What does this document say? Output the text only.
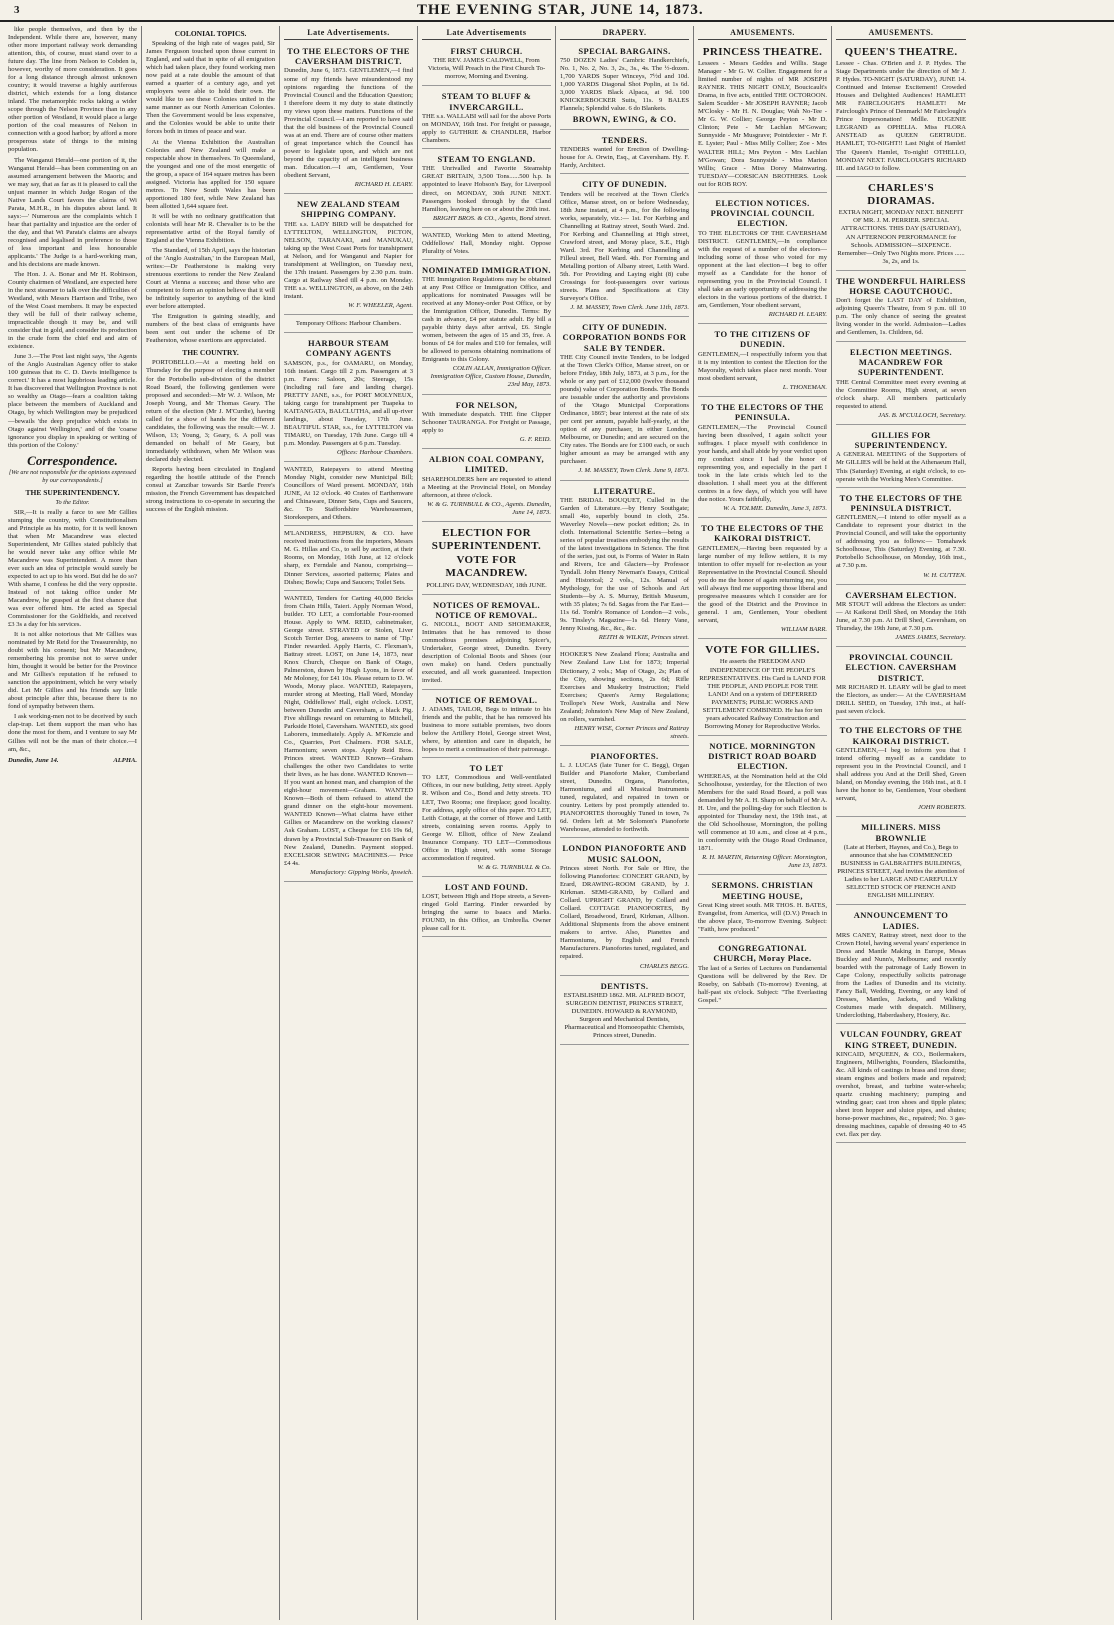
3	THE EVENING STAR, JUNE 14, 1873.

like people themselves, and then by the Independent. While there are, however, many other more important railway work demanding attention, this, of course, must stand over to a future day. The line from Nelson to Cobden is, however, worthy of more consideration. It goes for a long distance through almost unknown country; it would traverse a highly auriferous district, which extends for a long distance inland. The metamorphic rocks taking a wider scope through the Nelson Province than in any other portion of Westland, it would place a large portion of the coal measures of Nelson in connection with a good harbor; by afford a more prosperous state of things to the mining population.

The Wanganui Herald—one portion of it, the Wanganui Herald—has been commenting on an assumed arrangement between the Maoris; and we may say, that as far as it is pleased to call the unjust manner in which Judge Rogan of the Native Lands Court favors the claims of Wi Parata, M.H.R., in his disputes about land. It says:—' Numerous are the complaints which I hear that partiality and injustice are the order of the day, and that Wi Parata's claims are always recognised and legalised in preference to those of less important and less honourable applicants.' The Judge is a hard-working man, and his decisions are made known.

The Hon. J. A. Bonar and Mr H. Robinson, County chairmen of Westland, are expected here in the next steamer to talk over the difficulties of Westland, with Messrs Harrison and Tribe, two of the West Coast members. It may be expected they will be full of their railway scheme, impracticable though it may be, and will consider that in gold, and consider its production in the crude form the chief end and aim of existence.

June 3.—The Post last night says, 'the Agents of the Anglo Australian Agency offer to stake 100 guineas that its C. D. Davis intelligence is correct.' It has a most lugubrious leading article. It has discovered that Wellington Province is not so wealthy as Otago—fears a coalition taking place between the members of Auckland and Otago, by which Wellington may be prejudiced—bewails 'the deep prejudice which exists in Otago against Wellington,' and of the 'coarse ignorance you display in speaking or writing of this portion of the Colony.'

Correspondence.
[We are not responsible for the opinions expressed by our correspondents.]
THE SUPERINTENDENCY.
To the Editor.

SIR,—It is really a farce to see Mr Gillies stumping the country, with Constitutionalism and Principle as his motto, for it is well known that when Mr Macandrew was elected Superintendent, Mr Gillies stated publicly that he would never take any office while Mr Macandrew was Superintendent. A more than ever such an idea of principle would surely be expected to act up to his word. But did he do so? With shame, I confess he did the very opposite. Instead of not taking office under Mr Macandrew, he grasped at the first chance that was ever offered him. He acted as Special Commissioner for the Goldfields, and received £3 3s a day for his services.

It is not alike notorious that Mr Gillies was nominated by Mr Reid for the Treasurership, no doubt with his consent; but Mr Macandrew, remembering his promise not to serve under him, thought it would be better for the Province and Mr Gillies's reputation if he refused to sanction the appointment, which he very wisely did. Let Mr Gillies and his friends say little about principle after this, because there is no fond of sympathy between them.

I ask working-men not to be deceived by such clap-trap. Let them support the man who has done the most for them, and I venture to say Mr Gillies will not be the man of their choice.—I am, &c.,

Dunedin, June 14.	ALPHA.
COLONIAL TOPICS.

Speaking of the high rate of wages paid, Sir James Ferguson touched upon those current in England, and said that in spite of all emigration which had taken place, they found working men now paid at a rate double the amount of that earned a quarter of a century ago, and yet employers were able to hold their own. He would like to see these Colonies united in the same manner as our North American Colonies. Then the Government would be less expensive, and the Colonies would be able to unite their forces both in times of peace and war.

At the Vienna Exhibition the Australian Colonies and New Zealand will make a respectable show in themselves. To Queensland, the youngest and one of the most energetic of the group, a space of 164 square metres has been assigned. Victoria has applied for 150 square metres. To New South Wales has been apportioned 180 feet, while New Zealand has been allotted 1,644 square feet.

It will be with no ordinary gratification that colonists will hear Mr R. Chevalier is to be the representative artist of the Royal family of England at the Vienna Exhibition.

The Standard, of 15th April, says the historian of the 'Anglo Australian,' in the European Mail, writes:—Dr Featherstone is making very strenuous exertions to render the New Zealand Court at Vienna a success; and those who are competent to form an opinion believe that it will be infinitely superior to anything of the kind ever before attempted.

The Emigration is gaining steadily, and numbers of the best class of emigrants have been sent out under the scheme of Dr Featherston, whose exertions are appreciated.

THE COUNTRY.

PORTOBELLO.—At a meeting held on Thursday for the purpose of electing a member for the Portobello sub-division of the district Road Board, the following gentlemen were proposed and seconded:—Mr W. J. Wilson, Mr Joseph Young, and Mr Thomas Geary. The return of the election (Mr J. M'Curdie), having called for a show of hands for the different candidates, the following was the result:—W. J. Wilson, 13; Young, 3; Geary, 6. A poll was demanded on behalf of Mr Geary, but immediately withdrawn, when Mr Wilson was declared duly elected.

Reports having been circulated in England regarding the hostile attitude of the French consul at Zanzibar towards Sir Bartle Frere's mission, the French Government has despatched strong instructions to co-operate in securing the success of the English mission.

Late Advertisements.
TO THE ELECTORS OF THE CAVERSHAM DISTRICT.

Dunedin, June 6, 1873. GENTLEMEN,—I find some of my friends have misunderstood my opinions regarding the functions of the Provincial Council and the Education Question; I therefore deem it my duty to state distinctly my views upon these matters. Functions of the Provincial Council.—I am reported to have said that the old business of the Provincial Council was at an end. There are of course other matters of great importance which the Council has power to legislate upon, and which are not beyond the capacity of an intelligent business man. Education.—I am, Gentlemen, Your obedient Servant,

RICHARD H. LEARY.
NEW ZEALAND STEAM SHIPPING COMPANY.

THE s.s. LADY BIRD will be despatched for LYTTELTON, WELLINGTON, PICTON, NELSON, TARANAKI, and MANUKAU, taking up the West Coast Ports for transhipment at Nelson, and for Wanganui and Napier for transhipment at Wellington, on Tuesday next, the 17th instant. Passengers by 2.30 p.m. train. Cargo at Railway Shed till 4 p.m. on Monday. THE s.s. WELLINGTON, as above, on the 24th instant.

W. F. WHEELER, Agent.

Temporary Offices: Harbour Chambers.

HARBOUR STEAM COMPANY AGENTS

SAMSON, p.s., for OAMARU, on Monday, 16th instant. Cargo till 2 p.m. Passengers at 3 p.m. Fares: Saloon, 20s; Steerage, 15s (including rail fare and landing charge). PRETTY JANE, s.s., for PORT MOLYNEUX, taking cargo for transhipment per Tuapeka to KAITANGATA, BALCLUTHA, and all up-river landings, about Tuesday, 17th June. BEAUTIFUL STAR, s.s., for LYTTELTON via TIMARU, on Tuesday, 17th June. Cargo till 4 p.m. Monday. Passengers at 6 p.m. Tuesday.

Offices: Harbour Chambers.

WANTED, Ratepayers to attend Meeting Monday Night, consider new Municipal Bill; Councillors of Ward present. MONDAY, 16th JUNE, At 12 o'clock. 40 Crates of Earthenware and Chinaware, Dinner Sets, Cups and Saucers, &c. To Staffordshire Warehousemen, Storekeepers, and Others.

M'LANDRESS, HEPBURN, & CO. have received instructions from the importers, Messrs M. G. Hillas and Co., to sell by auction, at their Rooms, on Monday, 16th June, at 12 o'clock sharp, ex Ferndale and Nanou, comprising— Dinner Services, assorted patterns; Plates and Dishes; Bowls; Cups and Saucers; Toilet Sets.

WANTED, Tenders for Carting 40,000 Bricks from Chain Hills, Taieri. Apply Norman Wood, builder. TO LET, a comfortable Four-roomed House. Apply to WM. REID, cabinetmaker, George street. STRAYED or Stolen, Liver Scotch Terrier Dog, answers to name of 'Tip.' Finder rewarded. Apply Harris, C. Flexman's, Battray street. LOST, on June 14, 1873, near Knox Church, Cheque on Bank of Otago, Palmerston, drawn by Hugh Lyons, in favor of Mr Moloney, for £41 10s. Please return to D. W. Woods, Moray place. WANTED, Ratepayers, murder strong at Meeting, Hall Ward, Monday Night, Oddfellows' Hall, eight o'clock. LOST, between Dunedin and Caversham, a black Pig. Five shillings reward on returning to Mitchell, Parkside Hotel, Caversham. WANTED, six good Laborers, immediately. Apply A. M'Kenzie and Co., Quarries, Port Chalmers. FOR SALE, Harmonium; seven stops. Apply Reid Bros. Princes street. WANTED Known—Graham challenges the other two Candidates to write their lives, as he has done. WANTED Known—If you want an honest man, and champion of the eight-hour movement—Graham. WANTED Known—Both of them refused to attend the grand dinner on the eight-hour movement. WANTED Known—What claims have either Gillies or Macandrew on the working classes? Ask Graham. LOST, a Cheque for £16 19s 6d, drawn by a Provincial Sub-Treasurer on Bank of New Zealand, Dunedin. Payment stopped. EXCELSIOR SEWING MACHINES.— Price £4 4s.

Manufactory: Gipping Works, Ipswich.
Late Advertisements
FIRST CHURCH.

THE REV. JAMES CALDWELL, From Victoria, Will Preach in the First Church To-morrow, Morning and Evening.

STEAM TO BLUFF & INVERCARGILL.

THE s.s. WALLABI will sail for the above Ports on MONDAY, 16th Inst. For freight or passage, apply to GUTHRIE & CHANDLER, Harbor Chambers.

STEAM TO ENGLAND.

THE Unrivalled and Favorite Steamship GREAT BRITAIN, 3,500 Tons......500 h.p. Is appointed to leave Hobson's Bay, for Liverpool direct, on MONDAY, 30th JUNE NEXT. Passengers booked through by the Cland Hamilton, leaving here on or about the 20th inst.

BRIGHT BROS. & CO., Agents, Bond street.

WANTED, Working Men to attend Meeting, Oddfellows' Hall, Monday night. Oppose Plurality of Votes.

NOMINATED IMMIGRATION.

THE Immigration Regulations may be obtained at any Post Office or Immigration Office, and applications for nominated Passages will be received at any Money-order Post Office, or by the Immigration Officer, Dunedin. Terms: By cash in advance, £4 per statute adult. By bill a payable thirty days after arrival, £6. Single women, between the ages of 15 and 35, free. A bonus of £4 for males and £10 for females, will be allowed to persons obtaining nominations of Emigrants to this Colony.

COLIN ALLAN, Immigration Officer. Immigration Office, Custom House, Dunedin, 23rd May, 1873.
FOR NELSON,

With immediate despatch. THE fine Clipper Schooner TAURANGA. For Freight or Passage, apply to

G. F. REID.
ALBION COAL COMPANY, LIMITED.

SHAREHOLDERS here are requested to attend a Meeting at the Provincial Hotel, on Monday afternoon, at three o'clock.

W. & G. TURNBULL & CO., Agents. Dunedin, June 14, 1873.
ELECTION FOR SUPERINTENDENT. VOTE FOR MACANDREW.

POLLING DAY, WEDNESDAY, 18th JUNE.

NOTICES OF REMOVAL. NOTICE OF REMOVAL.

G. NICOLL, BOOT AND SHOEMAKER, Intimates that he has removed to those commodious premises adjoining Spicer's, Undertaker, George street, Dunedin. Every description of Colonial Boots and Shoes (our own make) on hand. Orders punctually executed, and all work guaranteed. Inspection invited.

NOTICE OF REMOVAL.

J. ADAMS, TAILOR, Begs to intimate to his friends and the public, that he has removed his business to more suitable premises, two doors below the Artillery Hotel, George street West, where, by attention and care in dispatch, he hopes to merit a continuation of their patronage.

TO LET

TO LET, Commodious and Well-ventilated Offices, in our new building, Jetty street. Apply R. Wilson and Co., Bond and Jetty streets. TO LET, Two Rooms; one fireplace; good locality. For address, apply office of this paper. TO LET, Leith Cottage, at the corner of Howe and Leith streets, containing seven rooms. Apply to George W. Elliott, office of New Zealand Insurance Company. TO LET—Commodious Office in High street, with some Storage accommodation if required.

W. & G. TURNBULL & Co.
LOST AND FOUND.

LOST, between High and Hope streets, a Seven-ringed Gold Earring. Finder rewarded by bringing the same to Isaacs and Marks. FOUND, in this Office, an Umbrella. Owner please call for it.

DRAPERY.
SPECIAL BARGAINS.

750 DOZEN Ladies' Cambric Handkerchiefs, No. 1, No. 2, No. 3, 2s., 3s., 4s. The ½-dozen. 1,700 YARDS Super Winceys, 7½d and 10d. 1,000 YARDS Diagonal Shot Poplin, at 1s 6d. 3,000 YARDS Black Alpaca, at 9d. 100 KNICKERBOCKER Suits, 11s. 9 BALES Flannels; Splendid value. 6 do Blankets.

BROWN, EWING, & CO.
TENDERS.

TENDERS wanted for Erection of Dwelling-house for A. Orwin, Esq., at Caversham. Hy. F. Hardy, Architect.

CITY OF DUNEDIN.

Tenders will be received at the Town Clerk's Office, Manse street, on or before Wednesday, 18th June instant, at 4 p.m., for the following works, separately, viz.:— 1st. For Kerbing and Channelling at Rattray street, South Ward. 2nd. For Kerbing and Channelling at High street, Crawford street, and Moray place, S.E., High Ward. 3rd. For Kerbing and Channelling at Filleul street, Bell Ward. 4th. For Forming and Metalling portion of Albany street, Leith Ward. 5th. For Providing and Laying eight (8) cube Crossings for foot-passengers over various streets. Plans and Specifications at City Surveyor's Office.

J. M. MASSEY, Town Clerk. June 11th, 1873.
CITY OF DUNEDIN. CORPORATION BONDS FOR SALE BY TENDER.

THE City Council invite Tenders, to be lodged at the Town Clerk's Office, Manse street, on or before Friday, 18th July, 1873, at 3 p.m., for the whole or any part of £12,000 (twelve thousand pounds) value of Corporation Bonds. The Bonds are issuable under the authority and provisions of the 'Otago Municipal Corporations Ordinance, 1865'; bear interest at the rate of six per cent per annum, payable half-yearly, at the option of any purchaser, in either London, Melbourne, or Dunedin; and are secured on the City rates. The Bonds are for £100 each, or such higher amount as may be arranged with any purchaser.

J. M. MASSEY, Town Clerk. June 9, 1873.
LITERATURE.

THE BRIDAL BOUQUET, Culled in the Garden of Literature.—by Henry Southgate; small 4to, superbly bound in cloth, 25s. Waverley Novels—new pocket edition; 2s. in cloth. International Scientific Series—being a series of popular treatises embodying the results of the latest investigations in Science. The first of the series, just out, is Forms of Water in Rain and Rivers, Ice and Glaciers—by Professor Tyndall. John Henry Newman's Essays, Critical and Historical; 2 vols., 12s. Manual of Mythology, for the use of Schools and Art Students—by A. S. Murray, British Museum, with 35 plates; 7s 6d. Sagas from the Far East—11s 6d. Tomb's Romance of London—2 vols., 9s. Tinsley's Magazine—1s 6d. Henry Vane, Jenny Kissing, &c., &c., &c.

REITH & WILKIE, Princes street.

HOOKER'S New Zealand Flora; Australia and New Zealand Law List for 1873; Imperial Dictionary, 2 vols.; Map of Otago, 2s; Plan of the City, showing sections, 2s 6d; Rifle Exercises and Musketry Instruction; Field Exercises; Queen's Army Regulations; Trollope's New Work, Australia and New Zealand; Johnston's New Map of New Zealand, on rollers, varnished.

HENRY WISE, Corner Princes and Rattray streets.
PIANOFORTES.

L. J. LUCAS (late Tuner for C. Begg), Organ Builder and Pianoforte Maker, Cumberland street, Dunedin. Organs, Pianofortes, Harmoniums, and all Musical Instruments tuned, regulated, and repaired in town or country. Letters by post promptly attended to. PIANOFORTES thoroughly Tuned in town, 7s 6d. Orders left at Mr Solomon's Pianoforte Warehouse, attended to forthwith.

LONDON PIANOFORTE AND MUSIC SALOON,

Princes street North. For Sale or Hire, the following Pianofortes: CONCERT GRAND, by Erard, DRAWING-ROOM GRAND, by J. Kirkman. SEMI-GRAND, by Collard and Collard. UPRIGHT GRAND, by Collard and Collard. COTTAGE PIANOFORTES, By Collard, Broadwood, Erard, Kirkman, Allison. Additional Shipments from the above eminent makers to arrive. Also, Pianettes and Harmoniums, by English and French Manufacturers. Pianofortes tuned, regulated, and repaired.

CHARLES BEGG.
DENTISTS.

ESTABLISHED 1862. MR. ALFRED BOOT, SURGEON DENTIST, PRINCES STREET, DUNEDIN. HOWARD & RAYMOND, Surgeon and Mechanical Dentists, Pharmaceutical and Homoeopathic Chemists, Princes street, Dunedin.

AMUSEMENTS.
PRINCESS THEATRE.

Lessees - Messrs Geddes and Willis. Stage Manager - Mr G. W. Collier. Engagement for a limited number of nights of MR JOSEPH RAYNER. THIS NIGHT ONLY, Boucicault's Drama, in five acts, entitled THE OCTOROON. Salem Scudder - Mr JOSEPH RAYNER; Jacob M'Closky - Mr H. N. Douglas; Wah No-Tee - Mr G. W. Collier; George Peyton - Mr D. Clinton; Pete - Mr Lachlan M'Gowan; Sunnyside - Mr Musgrave; Pointdexter - Mr F. E. Lyster; Paul - Miss Milly Collier; Zoe - Mrs WALTER HILL; Mrs Peyton - Mrs Lachlan M'Gowan; Dora Sunnyside - Miss Marion Willis; Grace - Miss Dorey Mainwaring. TUESDAY—CORSICAN BROTHERS. Look out for ROB ROY.

ELECTION NOTICES. PROVINCIAL COUNCIL ELECTION.

TO THE ELECTORS OF THE CAVERSHAM DISTRICT. GENTLEMEN,—In compliance with the request of a number of the electors—including some of those who voted for my opponent at the last election—I beg to offer myself as a Candidate for the honor of representing you in the Provincial Council. I shall take an early opportunity of addressing the electors in the various portions of the district. I am, Gentlemen, Your obedient servant,

RICHARD H. LEARY.
TO THE CITIZENS OF DUNEDIN.

GENTLEMEN,—I respectfully inform you that it is my intention to contest the Election for the Mayoralty, which takes place next month. Your most obedient servant,

L. THONEMAN.
TO THE ELECTORS OF THE PENINSULA.

GENTLEMEN,—The Provincial Council having been dissolved, I again solicit your suffrages. I place myself with confidence in your hands, and shall abide by your verdict upon my conduct since I had the honor of representing you, and especially in the part I took in the late crisis which led to the dissolution. I shall meet you at the different centres in a few days, of which you will have due notice. Yours faithfully,

W. A. TOLMIE. Dunedin, June 3, 1873.
TO THE ELECTORS OF THE KAIKORAI DISTRICT.

GENTLEMEN,—Having been requested by a large number of my fellow settlers, it is my intention to offer myself for re-election as your Representative in the Provincial Council. Should you do me the honor of again returning me, you will always find me supporting those liberal and progressive measures which I consider are for the good of the District and the Province in general. I am, Gentlemen, Your obedient servant,

WILLIAM BARR.
VOTE FOR GILLIES.

He asserts the FREEDOM AND INDEPENDENCE OF THE PEOPLE'S REPRESENTATIVES. His Card is LAND FOR THE PEOPLE, AND PEOPLE FOR THE LAND! And on a system of DEFERRED PAYMENTS; PUBLIC WORKS AND SETTLEMENT COMBINED. He has for ten years advocated Railway Construction and Borrowing Money for Reproductive Works.

NOTICE. MORNINGTON DISTRICT ROAD BOARD ELECTION.

WHEREAS, at the Nomination held at the Old Schoolhouse, yesterday, for the Election of two Members for the said Road Board, a poll was demanded by Mr A. H. Sharp on behalf of Mr A. H. Ure, and the polling-day for such Election is appointed for Thursday next, the 19th inst., at the Old Schoolhouse, Mornington, the polling will commence at 10 a.m., and close at 4 p.m., in conformity with the Otago Road Ordinance, 1871.

R. H. MARTIN, Returning Officer. Mornington, June 13, 1873.
SERMONS. CHRISTIAN MEETING HOUSE,

Great King street south. MR THOS. H. BATES, Evangelist, from America, will (D.V.) Preach in the above place, To-morrow Evening. Subject: "Faith, how produced."

CONGREGATIONAL CHURCH, Moray Place.

The last of a Series of Lectures on Fundamental Questions will be delivered by the Rev. Dr Roseby, on Sabbath (To-morrow) Evening, at half-past six o'clock. Subject: "The Everlasting Gospel."

AMUSEMENTS.
QUEEN'S THEATRE.

Lessee - Chas. O'Brien and J. P. Hydes. The Stage Departments under the direction of Mr J. P. Hydes. TO-NIGHT (SATURDAY), JUNE 14. Continued and Intense Excitement! Crowded Houses and Delighted Audiences! HAMLET! MR FAIRCLOUGH'S HAMLET! Mr Fairclough's Prince of Denmark! Mr Fairclough's Prince Impersonation! Mdlle. EUGENIE LEGRAND as OPHELIA. Miss FLORA ANSTEAD as QUEEN GERTRUDE. HAMLET, TO-NIGHT!! Last Night of Hamlet! The Queen's Hamlet, To-night! OTHELLO, MONDAY NEXT. FAIRCLOUGH'S RICHARD III. and IAGO to follow.

CHARLES'S DIORAMAS.

EXTRA NIGHT, MONDAY NEXT. BENEFIT OF MR. J. M. PERRIER. SPECIAL ATTRACTIONS. THIS DAY (SATURDAY), AN AFTERNOON PERFORMANCE for Schools. ADMISSION—SIXPENCE. Remember—Only Two Nights more. Prices ...... 3s, 2s, and 1s.

THE WONDERFUL HAIRLESS HORSE CAOUTCHOUC.

Don't forget the LAST DAY of Exhibition, adjoining Queen's Theatre, from 9 p.m. till 10 p.m. The only chance of seeing the greatest living wonder in the world. Admission—Ladies and Gentlemen, 1s. Children, 6d.

ELECTION MEETINGS. MACANDREW FOR SUPERINTENDENT.

THE Central Committee meet every evening at the Committee Rooms, High street, at seven o'clock sharp. All members particularly requested to attend.

JAS. B. M'CULLOCH, Secretary.
GILLIES FOR SUPERINTENDENCY.

A GENERAL MEETING of the Supporters of Mr GILLIES will be held at the Athenaeum Hall, This (Saturday) Evening, at eight o'clock, to co-operate with the Working Men's Committee.

TO THE ELECTORS OF THE PENINSULA DISTRICT.

GENTLEMEN,—I intend to offer myself as a Candidate to represent your district in the Provincial Council, and will take the opportunity of addressing you as follows:— Tomahawk Schoolhouse, This (Saturday) Evening, at 7.30. Portobello Schoolhouse, on Monday, 16th inst., at 7.30 p.m.

W. H. CUTTEN.
CAVERSHAM ELECTION.

MR STOUT will address the Electors as under:— At Kaikorai Drill Shed, on Monday the 16th June, at 7.30 p.m. At Drill Shed, Caversham, on Thursday, the 19th June, at 7.30 p.m.

JAMES JAMES, Secretary.
PROVINCIAL COUNCIL ELECTION. CAVERSHAM DISTRICT.

MR RICHARD H. LEARY will be glad to meet the Electors, as under:— At the CAVERSHAM DRILL SHED, on Tuesday, 17th inst., at half-past seven o'clock.

TO THE ELECTORS OF THE KAIKORAI DISTRICT.

GENTLEMEN,—I beg to inform you that I intend offering myself as a candidate to represent you in the Provincial Council, and I shall address you And at the Drill Shed, Green Island, on Monday evening, the 16th inst., at 8. I have the honor to be, Gentlemen, Your obedient servant,

JOHN ROBERTS.
MILLINERS. MISS BROWNLIE

(Late at Herbert, Haynes, and Co.), Begs to announce that she has COMMENCED BUSINESS in GALBRAITH'S BUILDINGS, PRINCES STREET, And invites the attention of Ladies to her LARGE AND CAREFULLY SELECTED STOCK OF FRENCH AND ENGLISH MILLINERY.

ANNOUNCEMENT TO LADIES.

MRS CANEY, Rattray street, next door to the Crown Hotel, having several years' experience in Dress and Mantle Making in Europe, Mesas Buckley and Nunn's, Melbourne; and recently boarded with the patronage of Lady Bowen in Cape Colony, respectfully solicits patronage from the Ladies of Dunedin and its vicinity. Fancy Ball, Wedding, Evening, or any kind of Dresses, Mantles, Jackets, and Walking Costumes made with despatch. Millinery, Underclothing, Haberdashery, Hosiery, &c.

VULCAN FOUNDRY, GREAT KING STREET, DUNEDIN.

KINCAID, M'QUEEN, & CO., Boilermakers, Engineers, Millwrights, Founders, Blacksmiths, &c. All kinds of castings in brass and iron done; steam engines and boilers made and repaired; overshot, breast, and turbine water-wheels; quartz crushing machinery; pumping and winding gear; cast iron shoes and tipple plates; sheet iron hopper and sluice pipes, and shutes; horse-power machines, &c., repaired; No. 3 gas-dressing machines, capable of dressing 40 to 45 cwt. flax per day.
